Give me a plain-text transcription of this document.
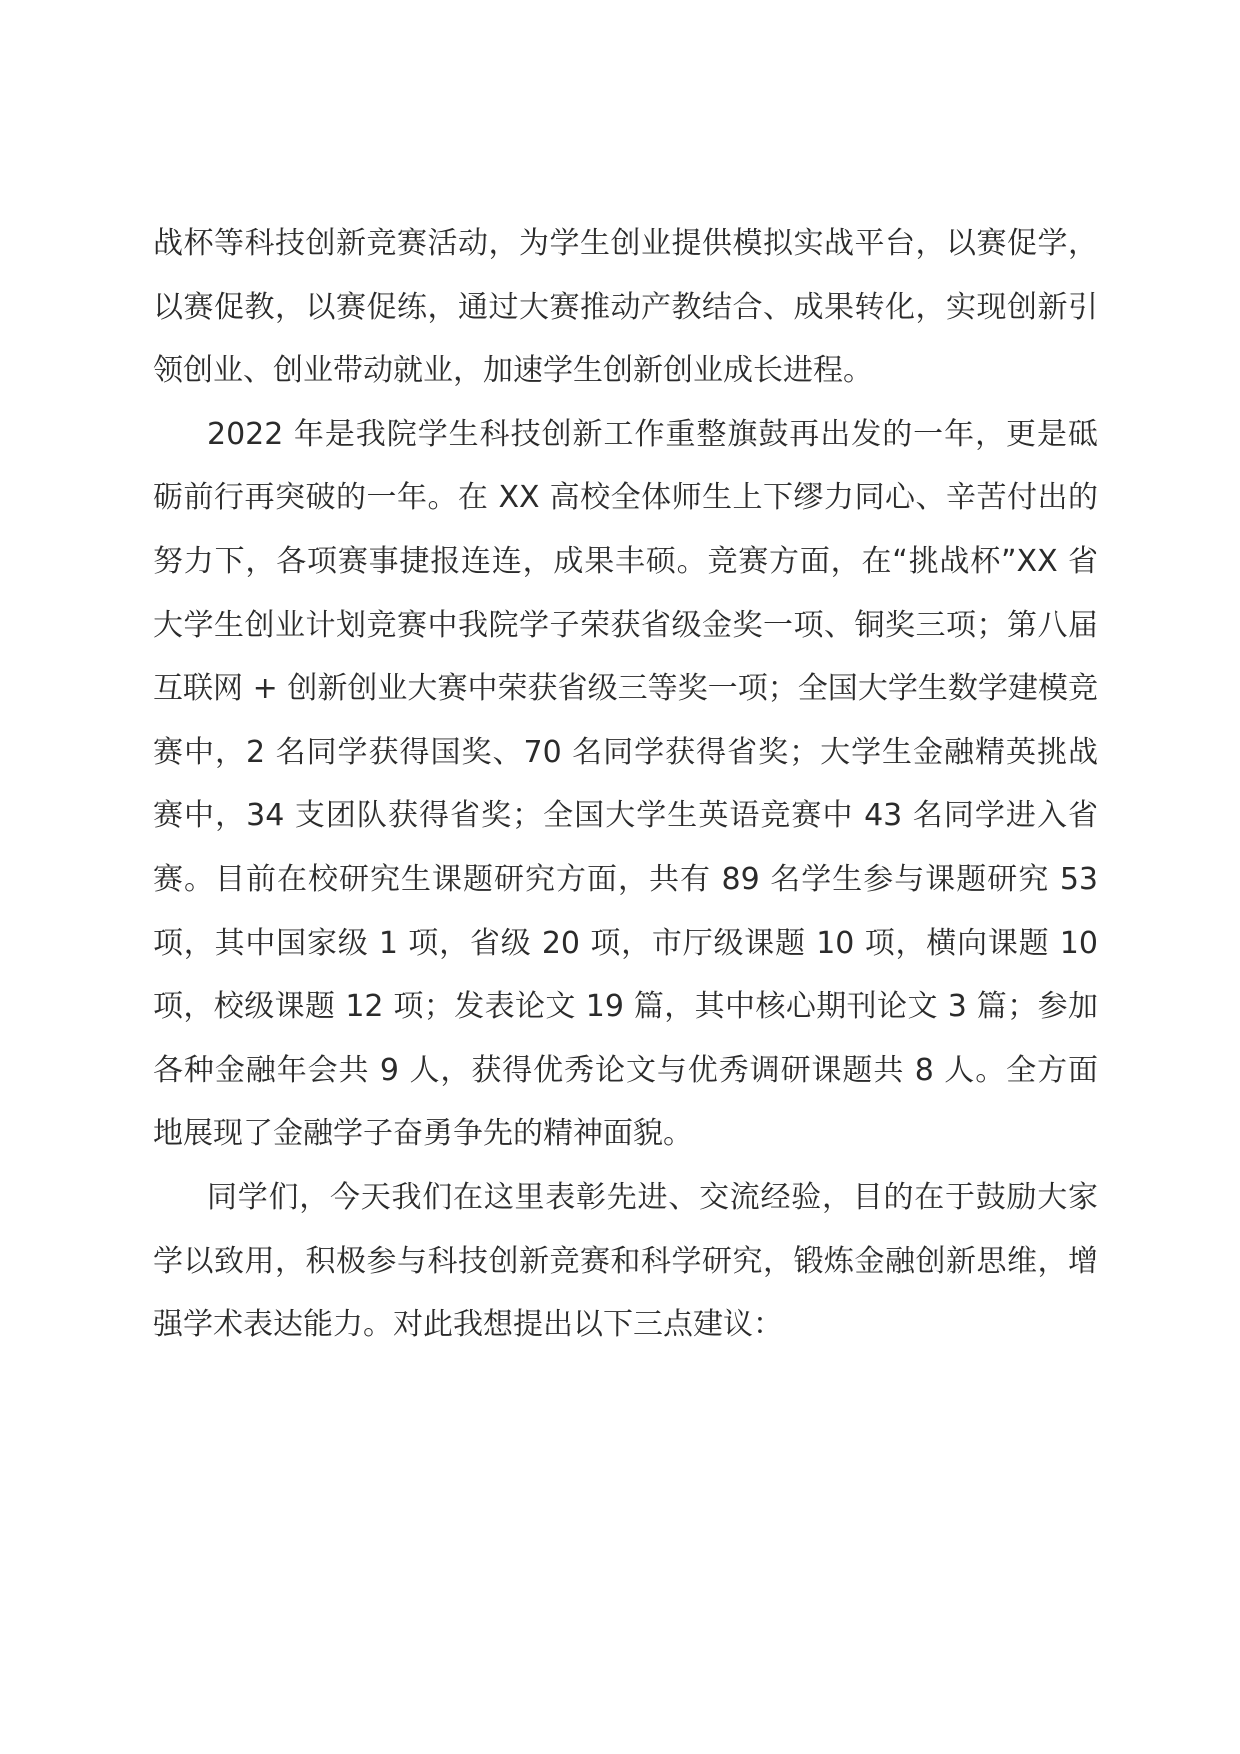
战杯等科技创新竞赛活动，为学生创业提供模拟实战平台，以赛促学，以赛促教，以赛促练，通过大赛推动产教结合、成果转化，实现创新引领创业、创业带动就业，加速学生创新创业成长进程。

2022 年是我院学生科技创新工作重整旗鼓再出发的一年，更是砥砺前行再突破的一年。在 XX 高校全体师生上下缪力同心、辛苦付出的努力下，各项赛事捷报连连，成果丰硕。竞赛方面，在“挑战杯”XX 省大学生创业计划竞赛中我院学子荣获省级金奖一项、铜奖三项；第八届互联网 + 创新创业大赛中荣获省级三等奖一项；全国大学生数学建模竞赛中，2 名同学获得国奖、70 名同学获得省奖；大学生金融精英挑战赛中，34 支团队获得省奖；全国大学生英语竞赛中 43 名同学进入省赛。目前在校研究生课题研究方面，共有 89 名学生参与课题研究 53 项，其中国家级 1 项，省级 20 项，市厅级课题 10 项，横向课题 10 项，校级课题 12 项；发表论文 19 篇，其中核心期刊论文 3 篇；参加各种金融年会共 9 人，获得优秀论文与优秀调研课题共 8 人。全方面地展现了金融学子奋勇争先的精神面貌。

同学们，今天我们在这里表彰先进、交流经验，目的在于鼓励大家学以致用，积极参与科技创新竞赛和科学研究，锻炼金融创新思维，增强学术表达能力。对此我想提出以下三点建议：
